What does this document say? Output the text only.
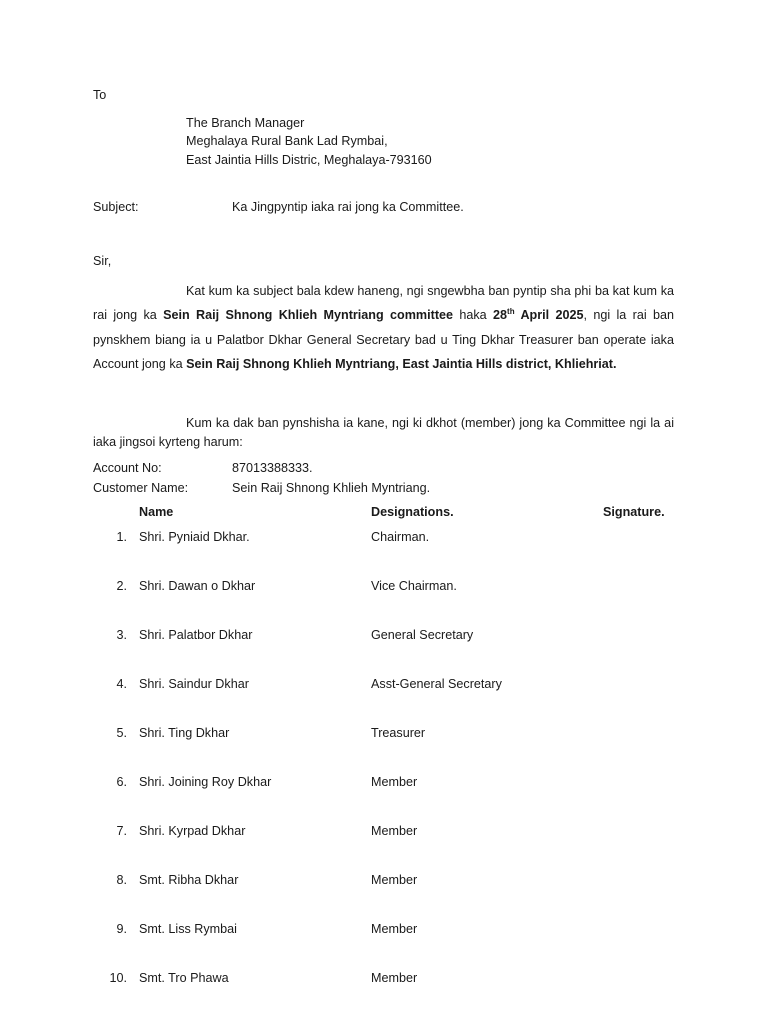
To
The Branch Manager
Meghalaya Rural Bank Lad Rymbai,
East Jaintia Hills Distric, Meghalaya-793160
Subject:	Ka Jingpyntip iaka rai jong ka Committee.
Sir,
Kat kum ka subject bala kdew haneng, ngi sngewbha ban pyntip sha phi ba kat kum ka rai jong ka Sein Raij Shnong Khlieh Myntriang committee haka 28th April 2025, ngi la rai ban pynskhem biang ia u Palatbor Dkhar General Secretary bad u Ting Dkhar Treasurer ban operate iaka Account jong ka Sein Raij Shnong Khlieh Myntriang, East Jaintia Hills district, Khliehriat.
Kum ka dak ban pynshisha ia kane, ngi ki dkhot (member) jong ka Committee ngi la ai iaka jingsoi kyrteng harum:
Account No:	87013388333.
Customer Name:	Sein Raij Shnong Khlieh Myntriang.
Name	Designations.	Signature.
1. Shri. Pyniaid Dkhar.	Chairman.
2. Shri. Dawan o Dkhar	Vice Chairman.
3. Shri. Palatbor Dkhar	General Secretary
4. Shri. Saindur Dkhar	Asst-General Secretary
5. Shri. Ting Dkhar	Treasurer
6. Shri. Joining Roy Dkhar	Member
7. Shri. Kyrpad Dkhar	Member
8. Smt. Ribha Dkhar	Member
9. Smt. Liss Rymbai	Member
10. Smt. Tro Phawa	Member
